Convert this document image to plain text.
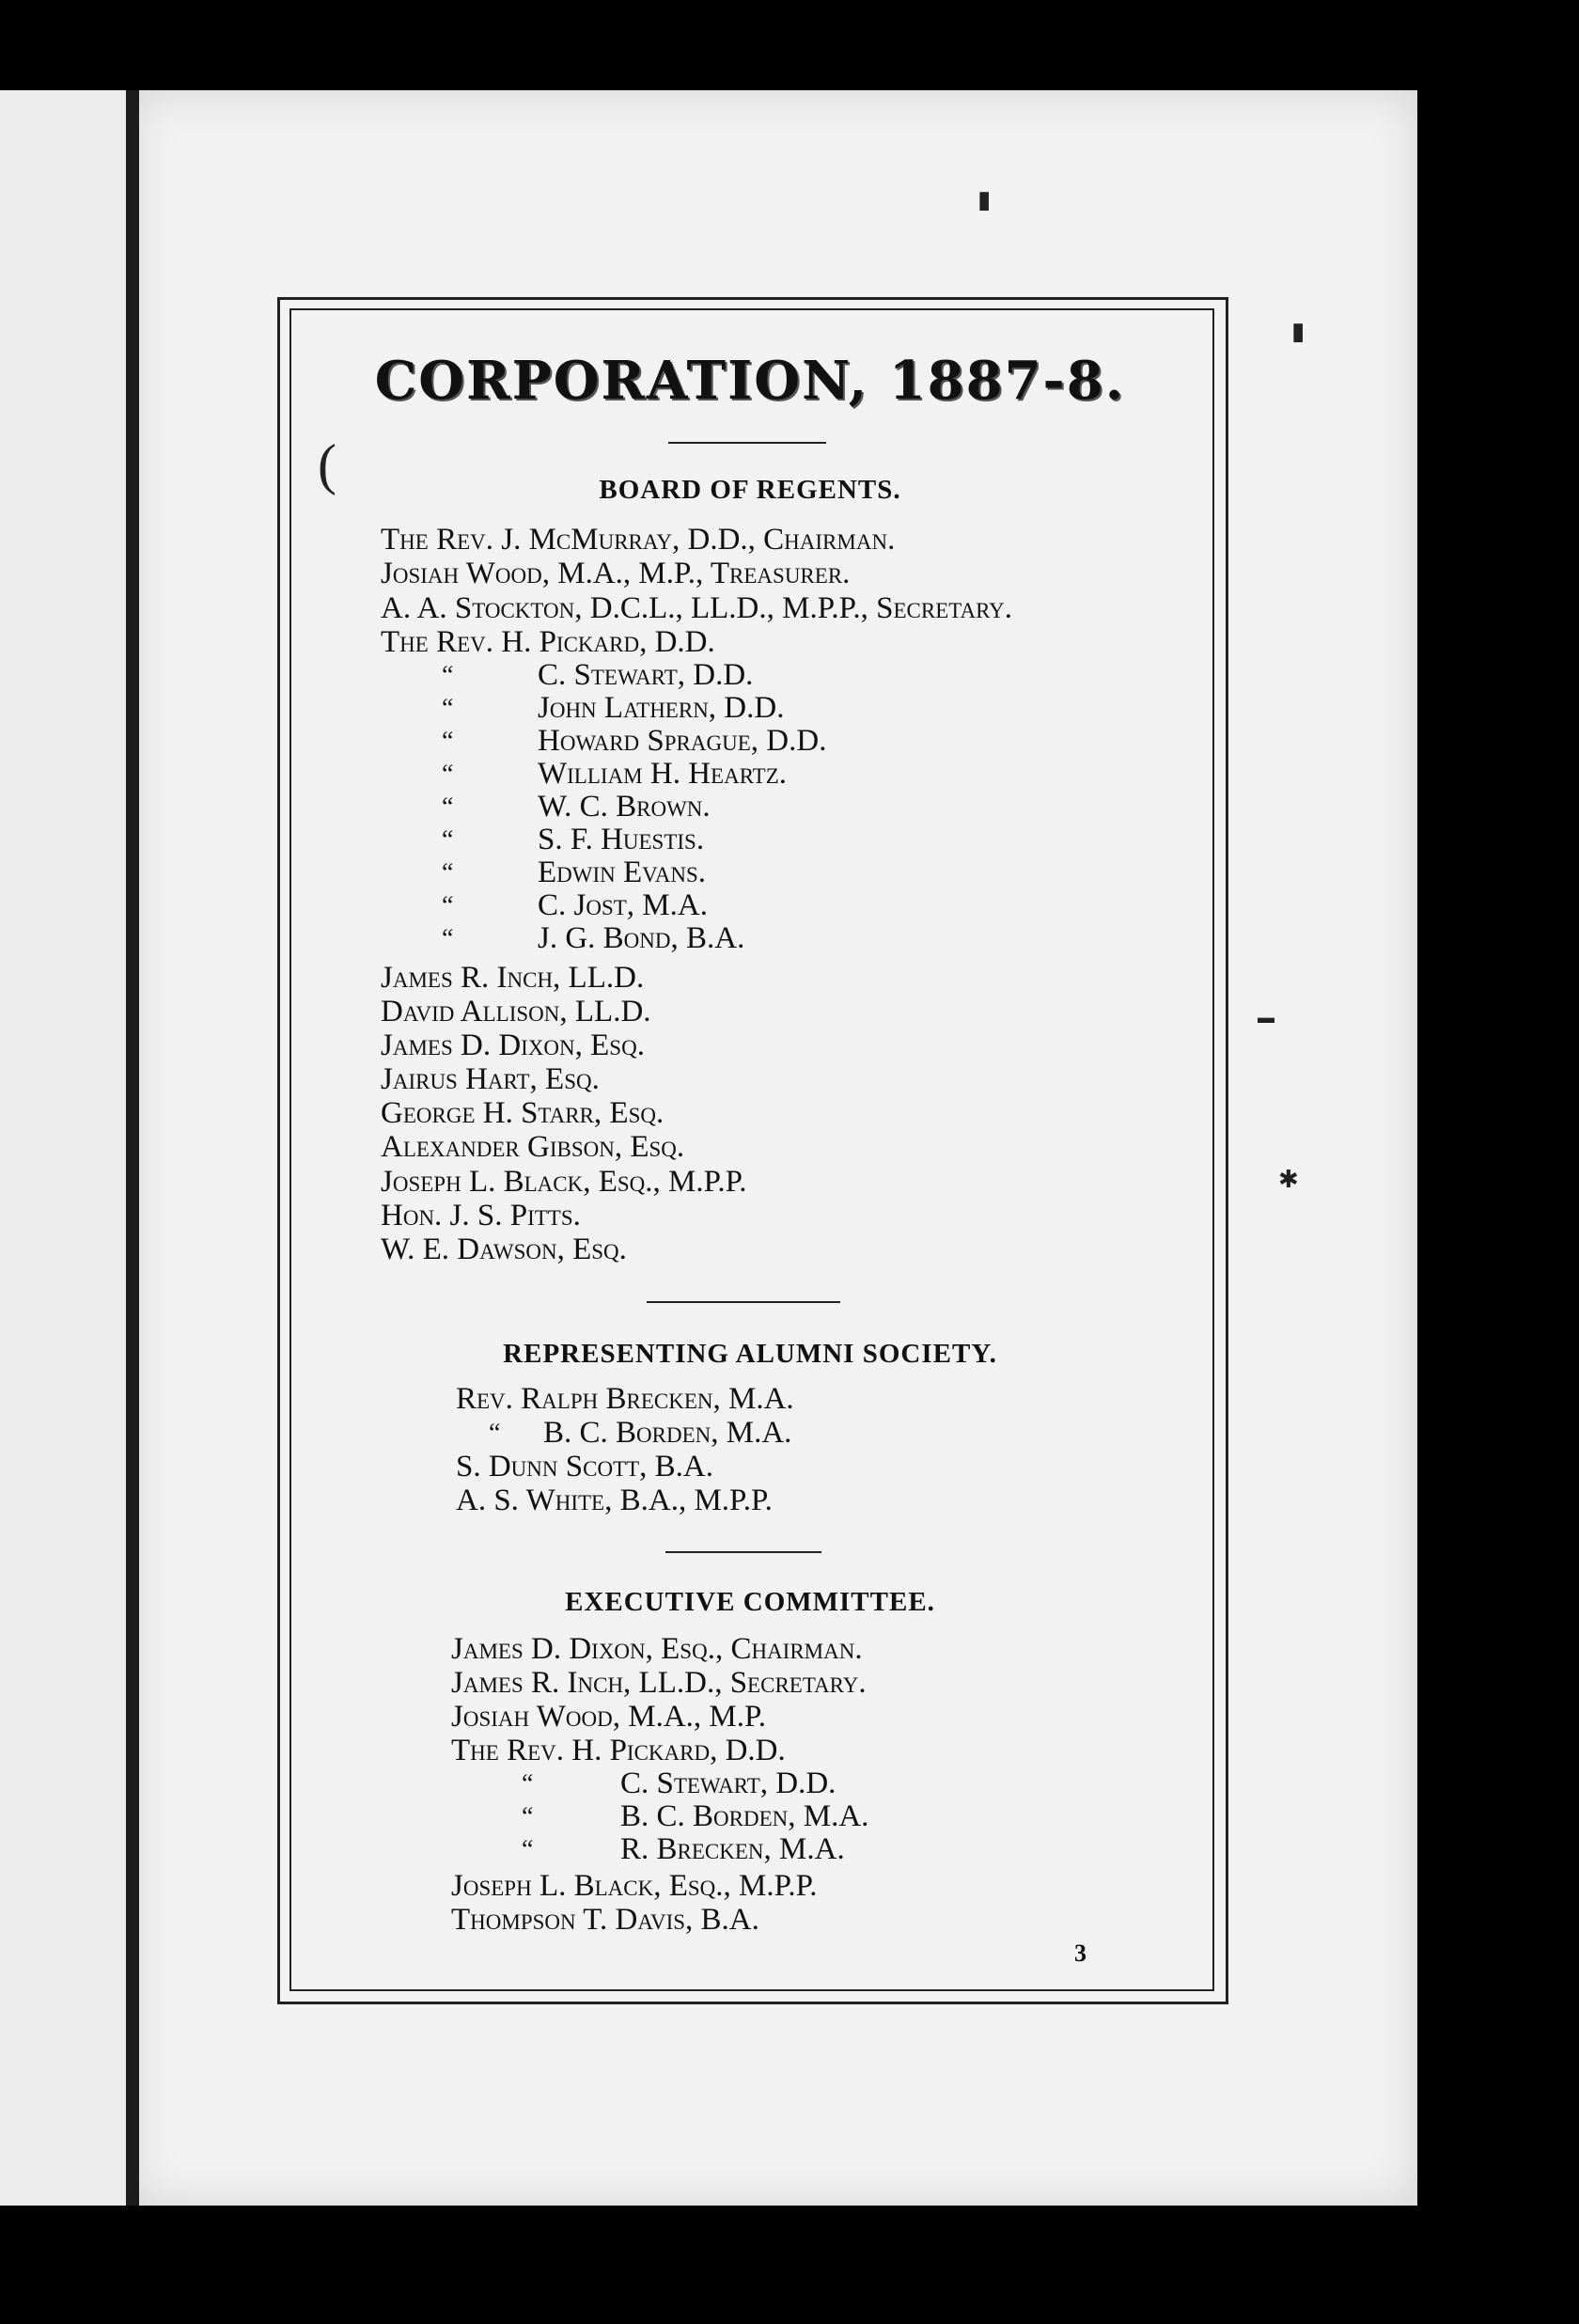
CORPORATION, 1887-8.
BOARD OF REGENTS.
The Rev. J. McMurray, D.D., Chairman.
Josiah Wood, M.A., M.P., Treasurer.
A. A. Stockton, D.C.L., LL.D., M.P.P., Secretary.
The Rev. H. Pickard, D.D.
“	C. Stewart, D.D.
“	John Lathern, D.D.
“	Howard Sprague, D.D.
“	William H. Heartz.
“	W. C. Brown.
“	S. F. Huestis.
“	Edwin Evans.
“	C. Jost, M.A.
“	J. G. Bond, B.A.
James R. Inch, LL.D.
David Allison, LL.D.
James D. Dixon, Esq.
Jairus Hart, Esq.
George H. Starr, Esq.
Alexander Gibson, Esq.
Joseph L. Black, Esq., M.P.P.
Hon. J. S. Pitts.
W. E. Dawson, Esq.
REPRESENTING ALUMNI SOCIETY.
Rev. Ralph Brecken, M.A.
“ B. C. Borden, M.A.
S. Dunn Scott, B.A.
A. S. White, B.A., M.P.P.
EXECUTIVE COMMITTEE.
James D. Dixon, Esq., Chairman.
James R. Inch, LL.D., Secretary.
Josiah Wood, M.A., M.P.
The Rev. H. Pickard, D.D.
“	C. Stewart, D.D.
“	B. C. Borden, M.A.
“	R. Brecken, M.A.
Joseph L. Black, Esq., M.P.P.
Thompson T. Davis, B.A.
3
▮
▮
✱
▬
(
